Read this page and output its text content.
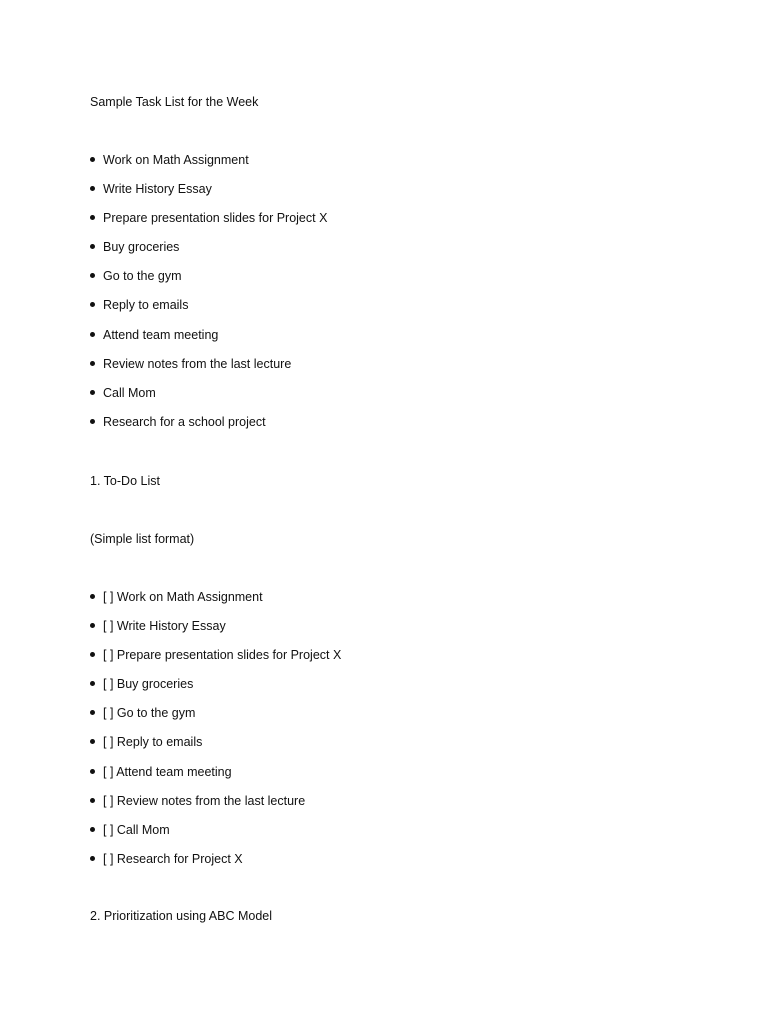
Sample Task List for the Week
Work on Math Assignment
Write History Essay
Prepare presentation slides for Project X
Buy groceries
Go to the gym
Reply to emails
Attend team meeting
Review notes from the last lecture
Call Mom
Research for a school project
1. To-Do List
(Simple list format)
[ ] Work on Math Assignment
[ ] Write History Essay
[ ] Prepare presentation slides for Project X
[ ] Buy groceries
[ ] Go to the gym
[ ] Reply to emails
[ ] Attend team meeting
[ ] Review notes from the last lecture
[ ] Call Mom
[ ] Research for Project X
2. Prioritization using ABC Model
